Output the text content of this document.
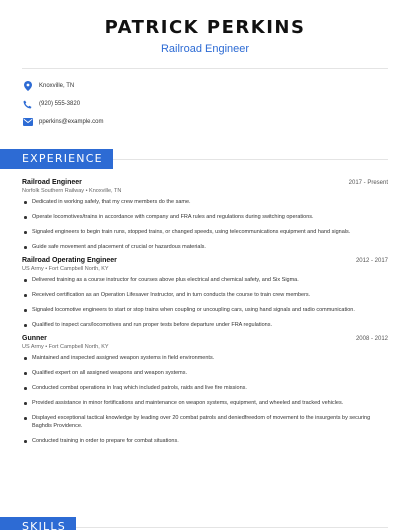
PATRICK PERKINS
Railroad Engineer
Knoxville, TN
(920) 555-3820
pperkins@example.com
EXPERIENCE
Railroad Engineer	2017 - Present
Norfolk Southern Railway • Knoxville, TN
Dedicated in working safely, that my crew members do the same.
Operate locomotives/trains in accordance with company and FRA rules and regulations during switching operations.
Signaled engineers to begin train runs, stopped trains, or changed speeds, using telecommunications equipment and hand signals.
Guide safe movement and placement of crucial or hazardous materials.
Railroad Operating Engineer	2012 - 2017
US Army • Fort Campbell North, KY
Delivered training as a course instructor for courses above plus electrical and chemical safety, and Six Sigma.
Received certification as an Operation Lifesaver Instructor, and in turn conducts the course to train crew members.
Signaled locomotive engineers to start or stop trains when coupling or uncoupling cars, using hand signals and radio communication.
Qualified to inspect cars/locomotives and run proper tests before departure under FRA regulations.
Gunner	2008 - 2012
US Army • Fort Campbell North, KY
Maintained and inspected assigned weapon systems in field environments.
Qualified expert on all assigned weapons and weapon systems.
Conducted combat operations in Iraq which included patrols, raids and live fire missions.
Provided assistance in minor fortifications and maintenance on weapon systems, equipment, and wheeled and tracked vehicles.
Displayed exceptional tactical knowledge by leading over 20 combat patrols and deniedfreedom of movement to the insurgents by securing Baghdis Providence.
Conducted training in order to prepare for combat situations.
SKILLS
